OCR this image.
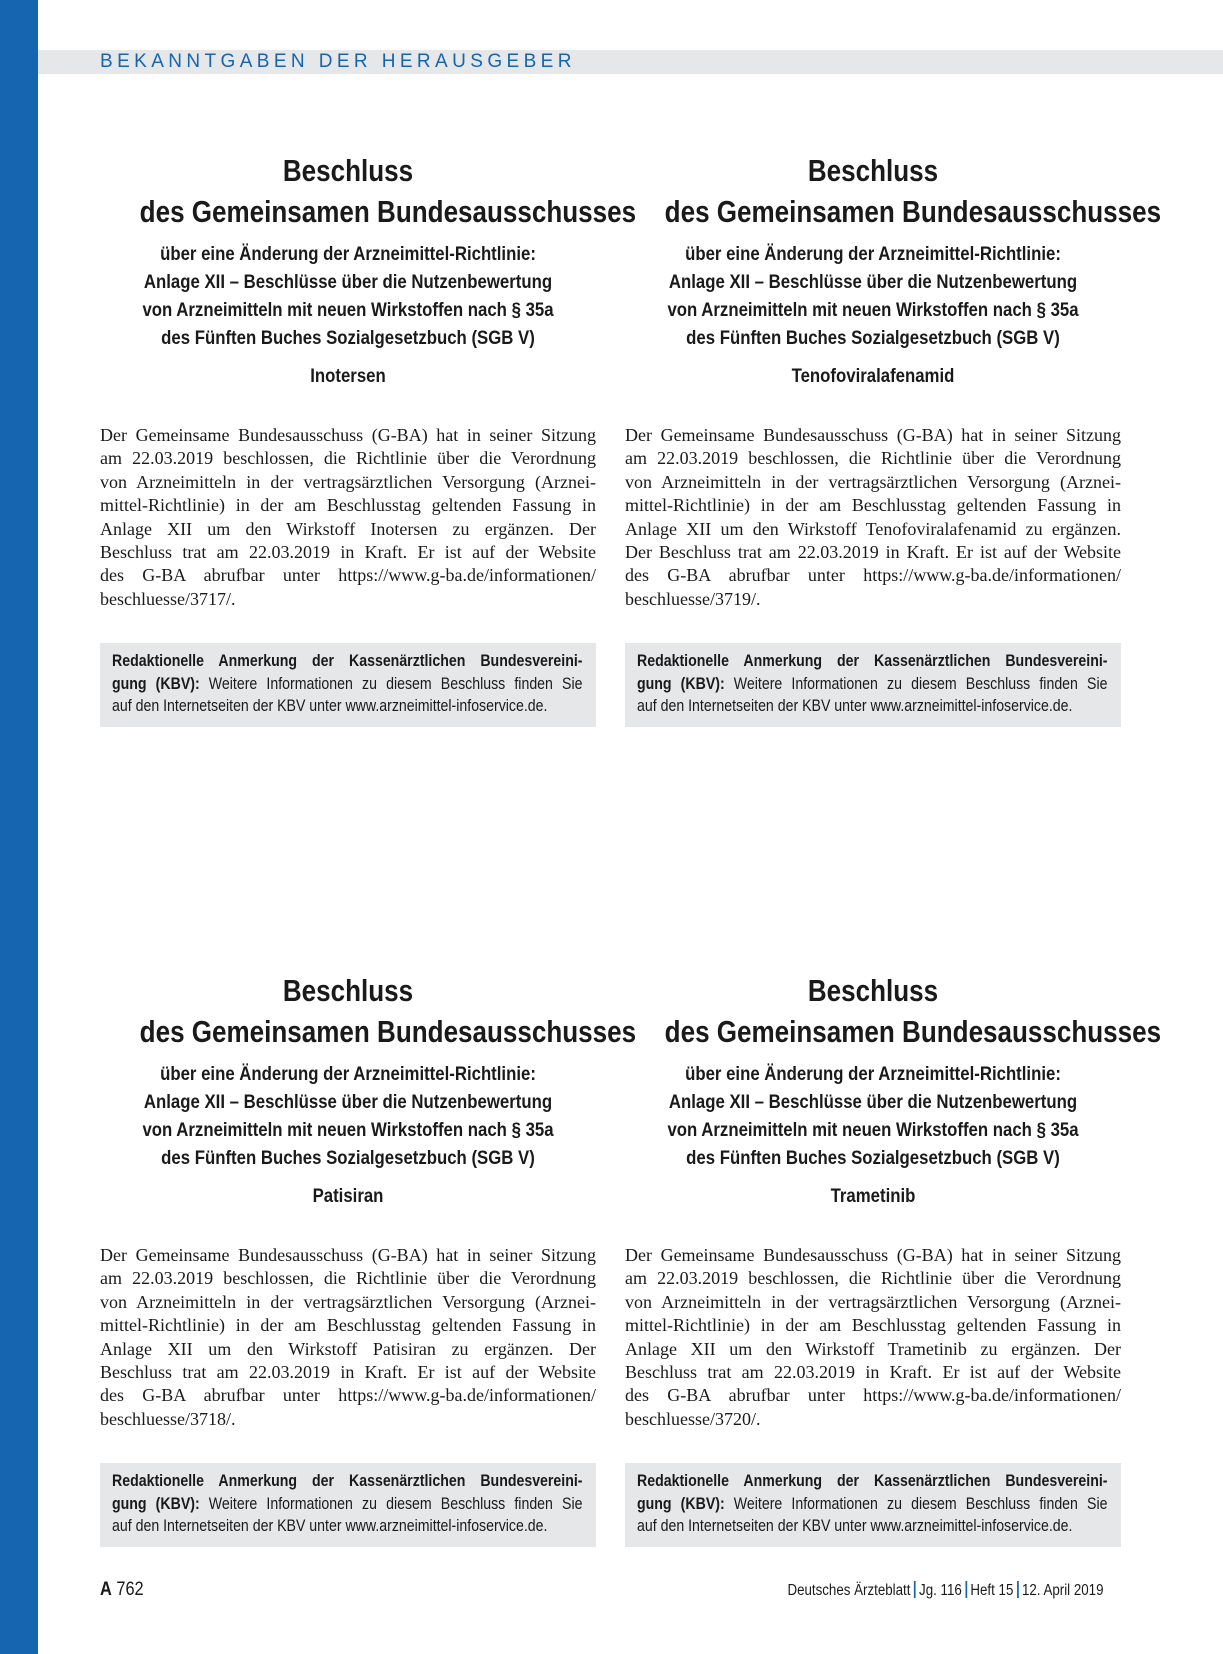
BEKANNTGABEN DER HERAUSGEBER
Beschluss
des Gemeinsamen Bundesausschusses
über eine Änderung der Arzneimittel-Richtlinie:
Anlage XII – Beschlüsse über die Nutzenbewertung
von Arzneimitteln mit neuen Wirkstoffen nach § 35a
des Fünften Buches Sozialgesetzbuch (SGB V)
Inotersen
Der Gemeinsame Bundesausschuss (G-BA) hat in seiner Sitzung
am 22.03.2019 beschlossen, die Richtlinie über die Verordnung
von Arzneimitteln in der vertragsärztlichen Versorgung (Arznei-
mittel-Richtlinie) in der am Beschlusstag geltenden Fassung in
Anlage XII um den Wirkstoff Inotersen zu ergänzen. Der
Beschluss trat am 22.03.2019 in Kraft. Er ist auf der Website
des G-BA abrufbar unter https://www.g-ba.de/informationen/
beschluesse/3717/.
Redaktionelle Anmerkung der Kassenärztlichen Bundesvereini-
gung (KBV): Weitere Informationen zu diesem Beschluss finden Sie
auf den Internetseiten der KBV unter www.arzneimittel-infoservice.de.
Beschluss
des Gemeinsamen Bundesausschusses
über eine Änderung der Arzneimittel-Richtlinie:
Anlage XII – Beschlüsse über die Nutzenbewertung
von Arzneimitteln mit neuen Wirkstoffen nach § 35a
des Fünften Buches Sozialgesetzbuch (SGB V)
Tenofoviralafenamid
Der Gemeinsame Bundesausschuss (G-BA) hat in seiner Sitzung
am 22.03.2019 beschlossen, die Richtlinie über die Verordnung
von Arzneimitteln in der vertragsärztlichen Versorgung (Arznei-
mittel-Richtlinie) in der am Beschlusstag geltenden Fassung in
Anlage XII um den Wirkstoff Tenofoviralafenamid zu ergänzen.
Der Beschluss trat am 22.03.2019 in Kraft. Er ist auf der Website
des G-BA abrufbar unter https://www.g-ba.de/informationen/
beschluesse/3719/.
Redaktionelle Anmerkung der Kassenärztlichen Bundesvereini-
gung (KBV): Weitere Informationen zu diesem Beschluss finden Sie
auf den Internetseiten der KBV unter www.arzneimittel-infoservice.de.
Beschluss
des Gemeinsamen Bundesausschusses
über eine Änderung der Arzneimittel-Richtlinie:
Anlage XII – Beschlüsse über die Nutzenbewertung
von Arzneimitteln mit neuen Wirkstoffen nach § 35a
des Fünften Buches Sozialgesetzbuch (SGB V)
Patisiran
Der Gemeinsame Bundesausschuss (G-BA) hat in seiner Sitzung
am 22.03.2019 beschlossen, die Richtlinie über die Verordnung
von Arzneimitteln in der vertragsärztlichen Versorgung (Arznei-
mittel-Richtlinie) in der am Beschlusstag geltenden Fassung in
Anlage XII um den Wirkstoff Patisiran zu ergänzen. Der
Beschluss trat am 22.03.2019 in Kraft. Er ist auf der Website
des G-BA abrufbar unter https://www.g-ba.de/informationen/
beschluesse/3718/.
Redaktionelle Anmerkung der Kassenärztlichen Bundesvereini-
gung (KBV): Weitere Informationen zu diesem Beschluss finden Sie
auf den Internetseiten der KBV unter www.arzneimittel-infoservice.de.
Beschluss
des Gemeinsamen Bundesausschusses
über eine Änderung der Arzneimittel-Richtlinie:
Anlage XII – Beschlüsse über die Nutzenbewertung
von Arzneimitteln mit neuen Wirkstoffen nach § 35a
des Fünften Buches Sozialgesetzbuch (SGB V)
Trametinib
Der Gemeinsame Bundesausschuss (G-BA) hat in seiner Sitzung
am 22.03.2019 beschlossen, die Richtlinie über die Verordnung
von Arzneimitteln in der vertragsärztlichen Versorgung (Arznei-
mittel-Richtlinie) in der am Beschlusstag geltenden Fassung in
Anlage XII um den Wirkstoff Trametinib zu ergänzen. Der
Beschluss trat am 22.03.2019 in Kraft. Er ist auf der Website
des G-BA abrufbar unter https://www.g-ba.de/informationen/
beschluesse/3720/.
Redaktionelle Anmerkung der Kassenärztlichen Bundesvereini-
gung (KBV): Weitere Informationen zu diesem Beschluss finden Sie
auf den Internetseiten der KBV unter www.arzneimittel-infoservice.de.
A 762	Deutsches Ärzteblatt Jg. 116 Heft 15 12. April 2019
